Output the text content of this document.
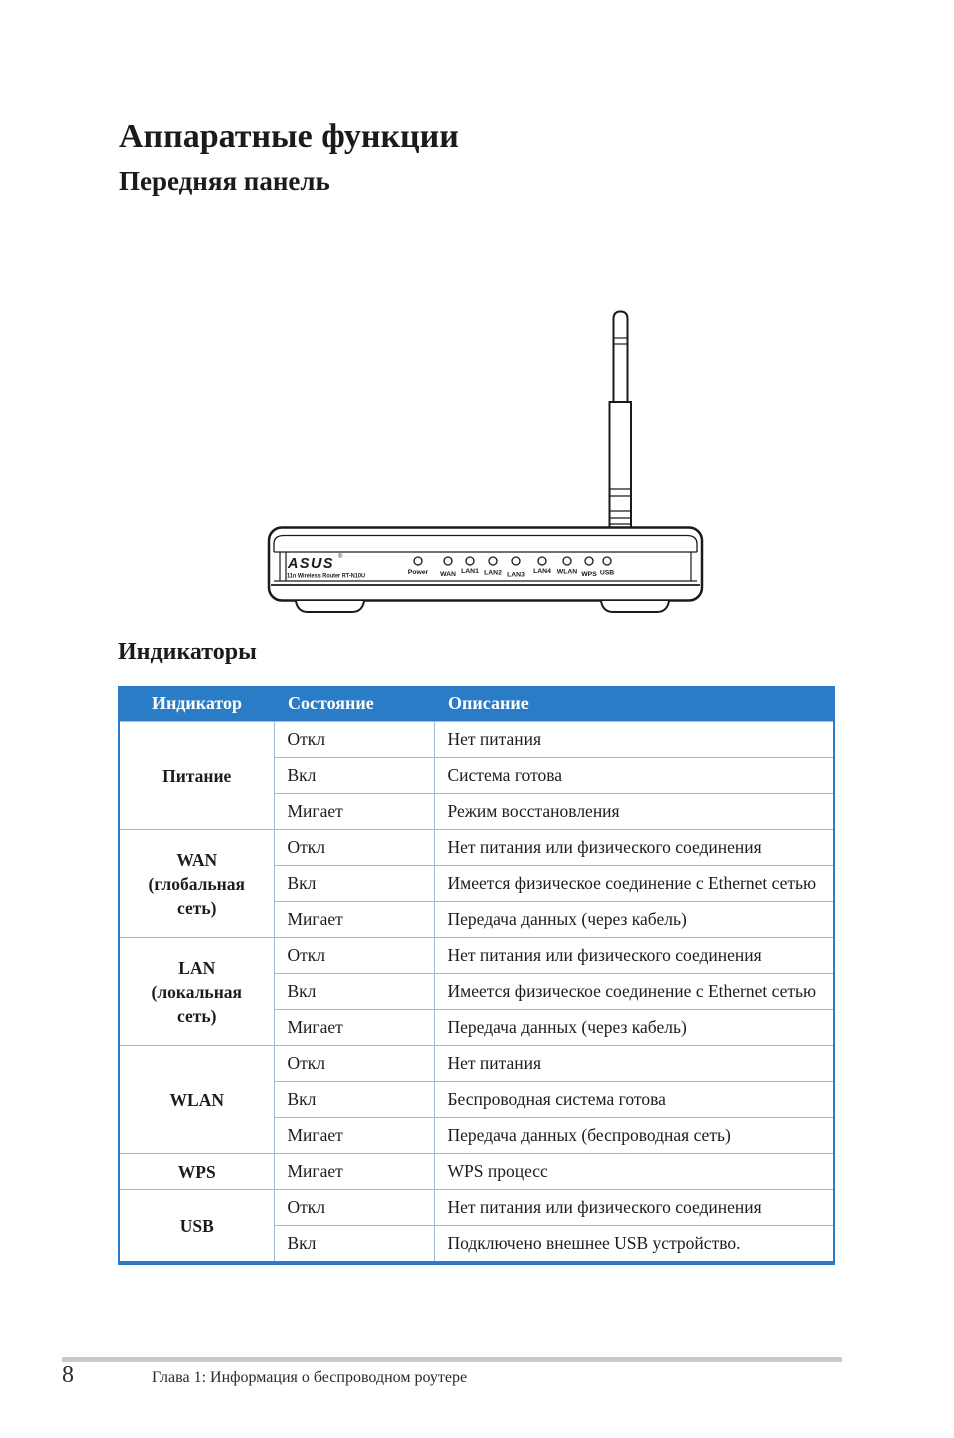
Аппаратные функции
Передняя панель
ASUS ®
11n Wireless Router RT-N10U	Power WAN LAN1 LAN2 LAN3 LAN4 WLAN WPS USB
Индикаторы
Индикатор	Состояние	Описание

Питание	Откл	Нет питания
	Вкл	Система готова
	Мигает	Режим восстановления

WAN
(глобальная
сеть)	Откл	Нет питания или физического соединения
	Вкл	Имеется физическое соединение с Ethernet сетью
	Мигает	Передача данных (через кабель)

LAN
(локальная
сеть)	Откл	Нет питания или физического соединения
	Вкл	Имеется физическое соединение с Ethernet сетью
	Мигает	Передача данных (через кабель)

WLAN	Откл	Нет питания
	Вкл	Беспроводная система готова
	Мигает	Передача данных (беспроводная сеть)

WPS	Мигает	WPS процесс

USB	Откл	Нет питания или физического соединения
	Вкл	Подключено внешнее USB устройство.
8	Глава 1: Информация о беспроводном роутере
